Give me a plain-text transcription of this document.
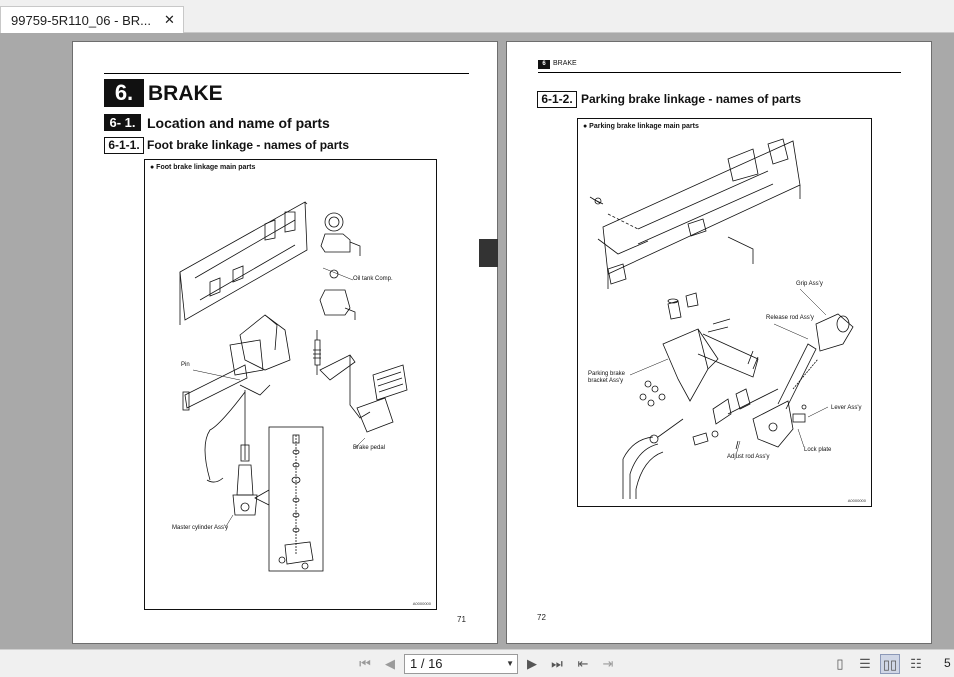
99759-5R110_06 - BR... ✕
6. BRAKE
6- 1. Location and name of parts
6-1-1. Foot brake linkage - names of parts
● Foot brake linkage main parts
Oil tank Comp.
Pin
Brake pedal
Master cylinder Ass'y
A0000000
71
6	BRAKE
6-1-2. Parking brake linkage - names of parts
● Parking brake linkage main parts
Grip Ass'y
Release rod Ass'y
Parking brake bracket Ass'y
Lever Ass'y
Adjust rod Ass'y
Lock plate
A0000000
72
⏮	◀	1 / 16	▼	▶	⏭	⇤	⇥	▯	☰ ▯▯	☷	5
